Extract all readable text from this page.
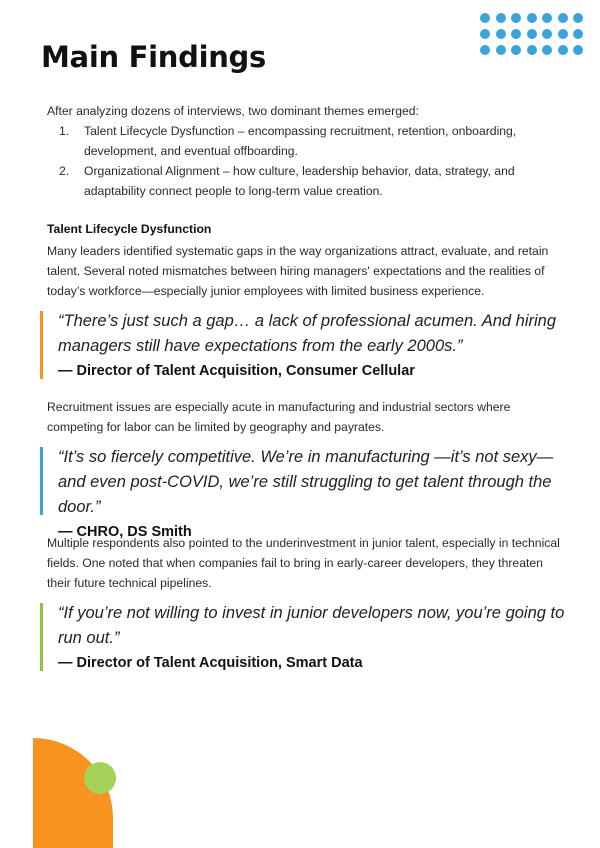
Main Findings

After analyzing dozens of interviews, two dominant themes emerged:

1. Talent Lifecycle Dysfunction – encompassing recruitment, retention, onboarding, development, and eventual offboarding.
2. Organizational Alignment – how culture, leadership behavior, data, strategy, and adaptability connect people to long-term value creation.
Talent Lifecycle Dysfunction

Many leaders identified systematic gaps in the way organizations attract, evaluate, and retain talent. Several noted mismatches between hiring managers' expectations and the realities of today’s workforce—especially junior employees with limited business experience.

“There’s just such a gap… a lack of professional acumen. And hiring managers still have expectations from the early 2000s.”
— Director of Talent Acquisition, Consumer Cellular

Recruitment issues are especially acute in manufacturing and industrial sectors where competing for labor can be limited by geography and payrates.

“It’s so fiercely competitive. We’re in manufacturing —it’s not sexy—and even post-COVID, we’re still struggling to get talent through the door.”
— CHRO, DS Smith

Multiple respondents also pointed to the underinvestment in junior talent, especially in technical fields. One noted that when companies fail to bring in early-career developers, they threaten their future technical pipelines.

“If you’re not willing to invest in junior developers now, you’re going to run out.”
— Director of Talent Acquisition, Smart Data
